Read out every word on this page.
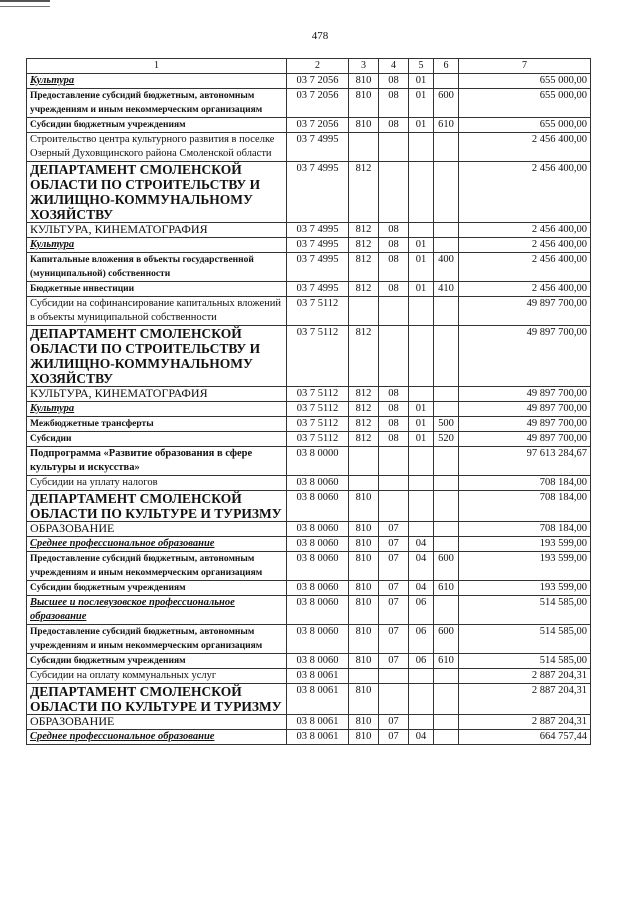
478
1	2	3	4	5	6	7
Культура	03 7 2056	810	08	01		655 000,00
Предоставление субсидий бюджетным, автономным учреждениям и иным некоммерческим организациям	03 7 2056	810	08	01	600	655 000,00
Субсидии бюджетным учреждениям	03 7 2056	810	08	01	610	655 000,00
Строительство центра культурного развития в поселке Озерный Духовщинского района Смоленской области	03 7 4995					2 456 400,00
ДЕПАРТАМЕНТ СМОЛЕНСКОЙ ОБЛАСТИ ПО СТРОИТЕЛЬСТВУ И ЖИЛИЩНО-КОММУНАЛЬНОМУ ХОЗЯЙСТВУ	03 7 4995	812				2 456 400,00
КУЛЬТУРА, КИНЕМАТОГРАФИЯ	03 7 4995	812	08			2 456 400,00
Культура	03 7 4995	812	08	01		2 456 400,00
Капитальные вложения в объекты государственной (муниципальной) собственности	03 7 4995	812	08	01	400	2 456 400,00
Бюджетные инвестиции	03 7 4995	812	08	01	410	2 456 400,00
Субсидии на софинансирование капитальных вложений в объекты муниципальной собственности	03 7 5112					49 897 700,00
ДЕПАРТАМЕНТ СМОЛЕНСКОЙ ОБЛАСТИ ПО СТРОИТЕЛЬСТВУ И ЖИЛИЩНО-КОММУНАЛЬНОМУ ХОЗЯЙСТВУ	03 7 5112	812				49 897 700,00
КУЛЬТУРА, КИНЕМАТОГРАФИЯ	03 7 5112	812	08			49 897 700,00
Культура	03 7 5112	812	08	01		49 897 700,00
Межбюджетные трансферты	03 7 5112	812	08	01	500	49 897 700,00
Субсидии	03 7 5112	812	08	01	520	49 897 700,00
Подпрограмма «Развитие образования в сфере культуры и искусства»	03 8 0000					97 613 284,67
Субсидии на уплату налогов	03 8 0060					708 184,00
ДЕПАРТАМЕНТ СМОЛЕНСКОЙ ОБЛАСТИ ПО КУЛЬТУРЕ И ТУРИЗМУ	03 8 0060	810				708 184,00
ОБРАЗОВАНИЕ	03 8 0060	810	07			708 184,00
Среднее профессиональное образование	03 8 0060	810	07	04		193 599,00
Предоставление субсидий бюджетным, автономным учреждениям и иным некоммерческим организациям	03 8 0060	810	07	04	600	193 599,00
Субсидии бюджетным учреждениям	03 8 0060	810	07	04	610	193 599,00
Высшее и послевузовское профессиональное образование	03 8 0060	810	07	06		514 585,00
Предоставление субсидий бюджетным, автономным учреждениям и иным некоммерческим организациям	03 8 0060	810	07	06	600	514 585,00
Субсидии бюджетным учреждениям	03 8 0060	810	07	06	610	514 585,00
Субсидии на оплату коммунальных услуг	03 8 0061					2 887 204,31
ДЕПАРТАМЕНТ СМОЛЕНСКОЙ ОБЛАСТИ ПО КУЛЬТУРЕ И ТУРИЗМУ	03 8 0061	810				2 887 204,31
ОБРАЗОВАНИЕ	03 8 0061	810	07			2 887 204,31
Среднее профессиональное образование	03 8 0061	810	07	04		664 757,44
